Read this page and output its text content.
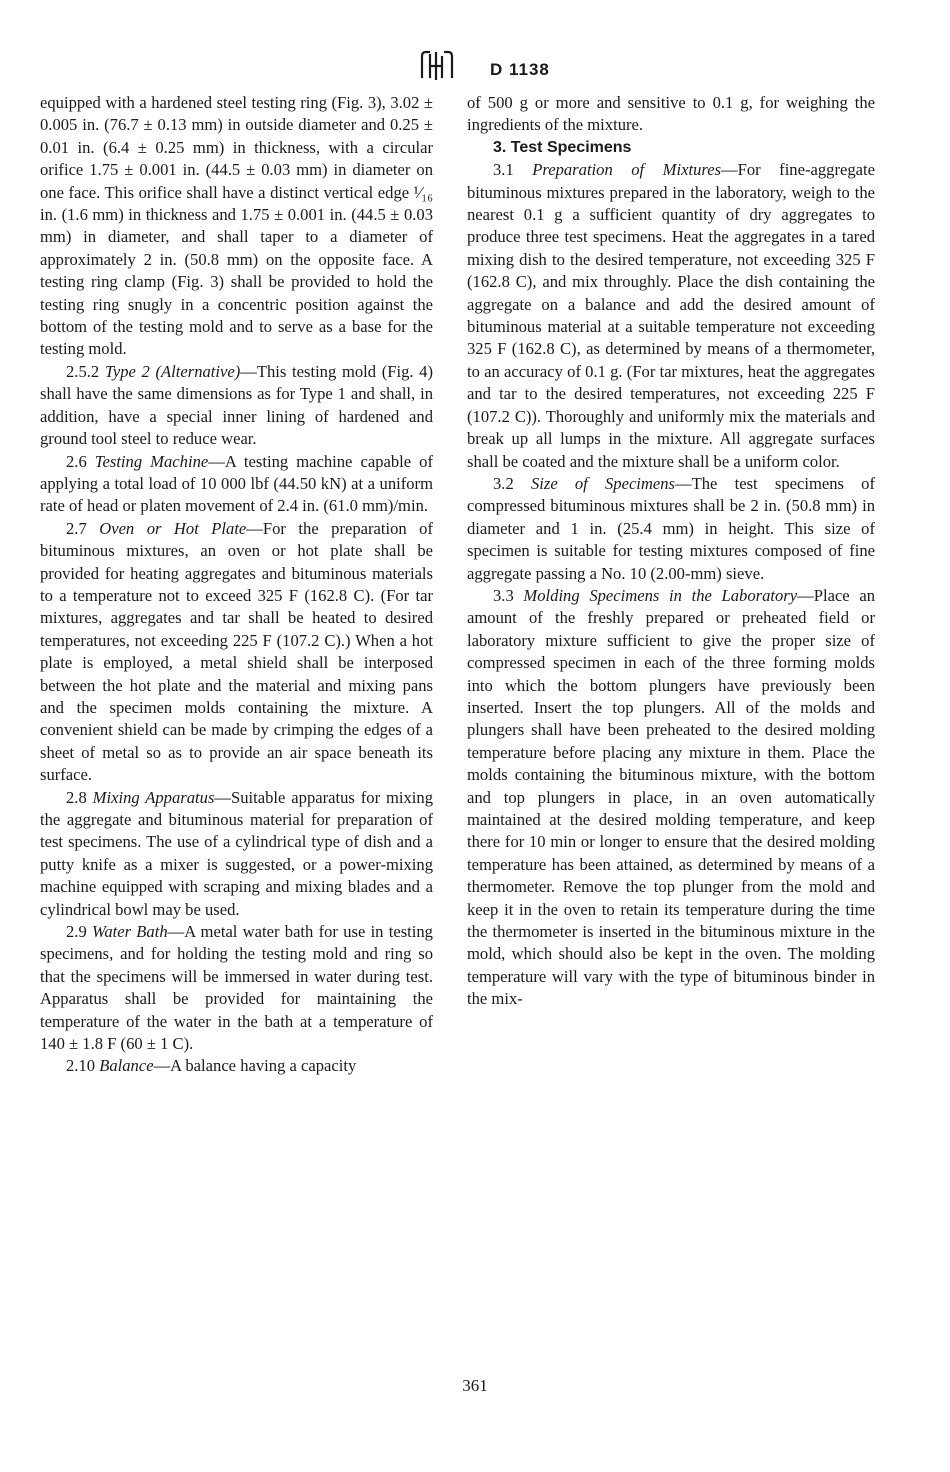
D 1138

equipped with a hardened steel testing ring (Fig. 3), 3.02 ± 0.005 in. (76.7 ± 0.13 mm) in outside diameter and 0.25 ± 0.01 in. (6.4 ± 0.25 mm) in thickness, with a circular orifice 1.75 ± 0.001 in. (44.5 ± 0.03 mm) in diameter on one face. This orifice shall have a distinct vertical edge ¹⁄₁₆ in. (1.6 mm) in thickness and 1.75 ± 0.001 in. (44.5 ± 0.03 mm) in diameter, and shall taper to a diameter of approximately 2 in. (50.8 mm) on the opposite face. A testing ring clamp (Fig. 3) shall be provided to hold the testing ring snugly in a concentric position against the bottom of the testing mold and to serve as a base for the testing mold.

2.5.2 Type 2 (Alternative)—This testing mold (Fig. 4) shall have the same dimensions as for Type 1 and shall, in addition, have a special inner lining of hardened and ground tool steel to reduce wear.

2.6 Testing Machine—A testing machine capable of applying a total load of 10 000 lbf (44.50 kN) at a uniform rate of head or platen movement of 2.4 in. (61.0 mm)/min.

2.7 Oven or Hot Plate—For the preparation of bituminous mixtures, an oven or hot plate shall be provided for heating aggregates and bituminous materials to a temperature not to exceed 325 F (162.8 C). (For tar mixtures, aggregates and tar shall be heated to desired temperatures, not exceeding 225 F (107.2 C).) When a hot plate is employed, a metal shield shall be interposed between the hot plate and the material and mixing pans and the specimen molds containing the mixture. A convenient shield can be made by crimping the edges of a sheet of metal so as to provide an air space beneath its surface.

2.8 Mixing Apparatus—Suitable apparatus for mixing the aggregate and bituminous material for preparation of test specimens. The use of a cylindrical type of dish and a putty knife as a mixer is suggested, or a power-mixing machine equipped with scraping and mixing blades and a cylindrical bowl may be used.

2.9 Water Bath—A metal water bath for use in testing specimens, and for holding the testing mold and ring so that the specimens will be immersed in water during test. Apparatus shall be provided for maintaining the temperature of the water in the bath at a temperature of 140 ± 1.8 F (60 ± 1 C).

2.10 Balance—A balance having a capacity

of 500 g or more and sensitive to 0.1 g, for weighing the ingredients of the mixture.

3. Test Specimens

3.1 Preparation of Mixtures—For fine-aggregate bituminous mixtures prepared in the laboratory, weigh to the nearest 0.1 g a sufficient quantity of dry aggregates to produce three test specimens. Heat the aggregates in a tared mixing dish to the desired temperature, not exceeding 325 F (162.8 C), and mix throughly. Place the dish containing the aggregate on a balance and add the desired amount of bituminous material at a suitable temperature not exceeding 325 F (162.8 C), as determined by means of a thermometer, to an accuracy of 0.1 g. (For tar mixtures, heat the aggregates and tar to the desired temperatures, not exceeding 225 F (107.2 C)). Thoroughly and uniformly mix the materials and break up all lumps in the mixture. All aggregate surfaces shall be coated and the mixture shall be a uniform color.

3.2 Size of Specimens—The test specimens of compressed bituminous mixtures shall be 2 in. (50.8 mm) in diameter and 1 in. (25.4 mm) in height. This size of specimen is suitable for testing mixtures composed of fine aggregate passing a No. 10 (2.00-mm) sieve.

3.3 Molding Specimens in the Laboratory—Place an amount of the freshly prepared or preheated field or laboratory mixture sufficient to give the proper size of compressed specimen in each of the three forming molds into which the bottom plungers have previously been inserted. Insert the top plungers. All of the molds and plungers shall have been preheated to the desired molding temperature before placing any mixture in them. Place the molds containing the bituminous mixture, with the bottom and top plungers in place, in an oven automatically maintained at the desired molding temperature, and keep there for 10 min or longer to ensure that the desired molding temperature has been attained, as determined by means of a thermometer. Remove the top plunger from the mold and keep it in the oven to retain its temperature during the time the thermometer is inserted in the bituminous mixture in the mold, which should also be kept in the oven. The molding temperature will vary with the type of bituminous binder in the mix-

361
